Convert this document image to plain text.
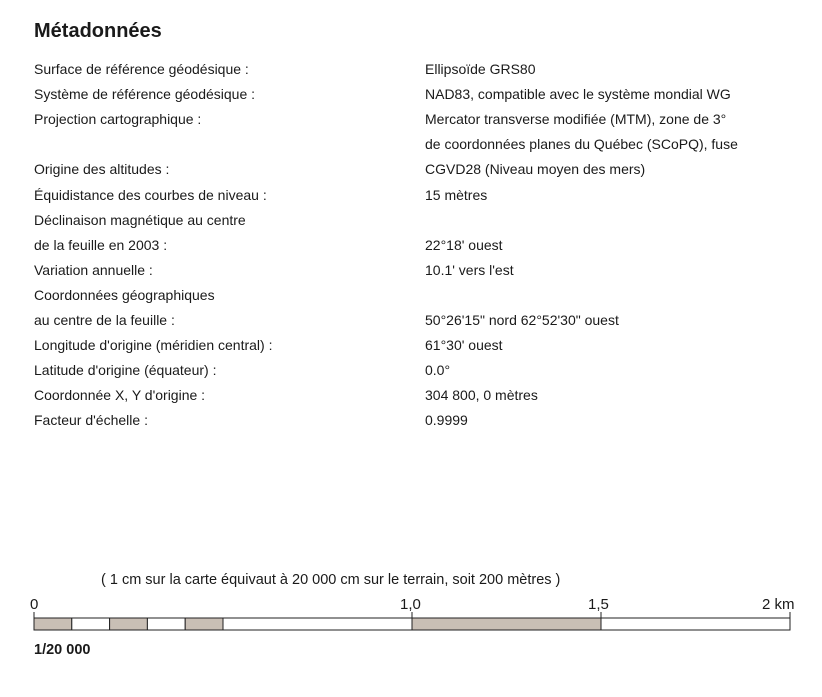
Métadonnées
Surface de référence géodésique :	Ellipsoïde GRS80
Système de référence géodésique :	NAD83, compatible avec le système mondial WG
Projection cartographique :	Mercator transverse modifiée (MTM), zone de 3°
de coordonnées planes du Québec (SCoPQ), fuse
Origine des altitudes :	CGVD28 (Niveau moyen des mers)
Équidistance des courbes de niveau :	15 mètres
Déclinaison magnétique au centre
de la feuille en 2003 :	22°18' ouest
Variation annuelle :	10.1' vers l'est
Coordonnées géographiques
au centre de la feuille :	50°26'15" nord 62°52'30" ouest
Longitude d'origine (méridien central) :	61°30' ouest
Latitude d'origine (équateur) :	0.0°
Coordonnée X, Y d'origine :	304 800, 0 mètres
Facteur d'échelle :	0.9999
( 1 cm sur la carte équivaut à 20 000 cm sur le terrain, soit 200 mètres )
0	1,0	1,5	2 km
1/20 000
